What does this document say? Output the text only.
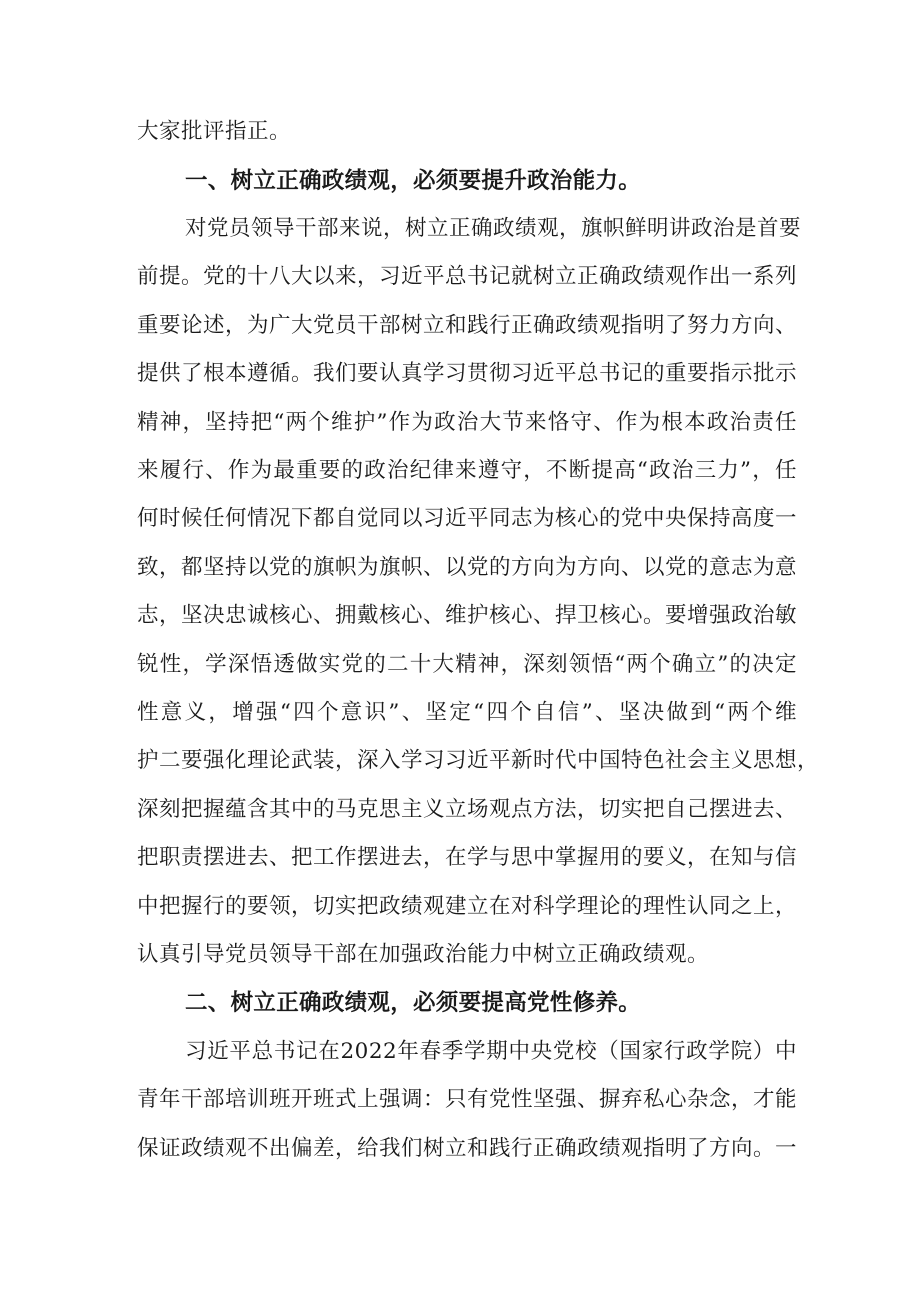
大家批评指正。
一、树立正确政绩观，必须要提升政治能力。
对党员领导干部来说，树立正确政绩观，旗帜鲜明讲政治是首要
前提。党的十八大以来，习近平总书记就树立正确政绩观作出一系列
重要论述，为广大党员干部树立和践行正确政绩观指明了努力方向、
提供了根本遵循。我们要认真学习贯彻习近平总书记的重要指示批示
精神，坚持把“两个维护”作为政治大节来恪守、作为根本政治责任
来履行、作为最重要的政治纪律来遵守，不断提高“政治三力”，任
何时候任何情况下都自觉同以习近平同志为核心的党中央保持高度一
致，都坚持以党的旗帜为旗帜、以党的方向为方向、以党的意志为意
志，坚决忠诚核心、拥戴核心、维护核心、捍卫核心。要增强政治敏
锐性，学深悟透做实党的二十大精神，深刻领悟“两个确立”的决定
性意义，增强“四个意识”、坚定“四个自信”、坚决做到“两个维
护二要强化理论武装，深入学习习近平新时代中国特色社会主义思想，
深刻把握蕴含其中的马克思主义立场观点方法，切实把自己摆进去、
把职责摆进去、把工作摆进去，在学与思中掌握用的要义，在知与信
中把握行的要领，切实把政绩观建立在对科学理论的理性认同之上，
认真引导党员领导干部在加强政治能力中树立正确政绩观。
二、树立正确政绩观，必须要提高党性修养。
习近平总书记在2022年春季学期中央党校（国家行政学院）中
青年干部培训班开班式上强调：只有党性坚强、摒弃私心杂念，才能
保证政绩观不出偏差，给我们树立和践行正确政绩观指明了方向。一
